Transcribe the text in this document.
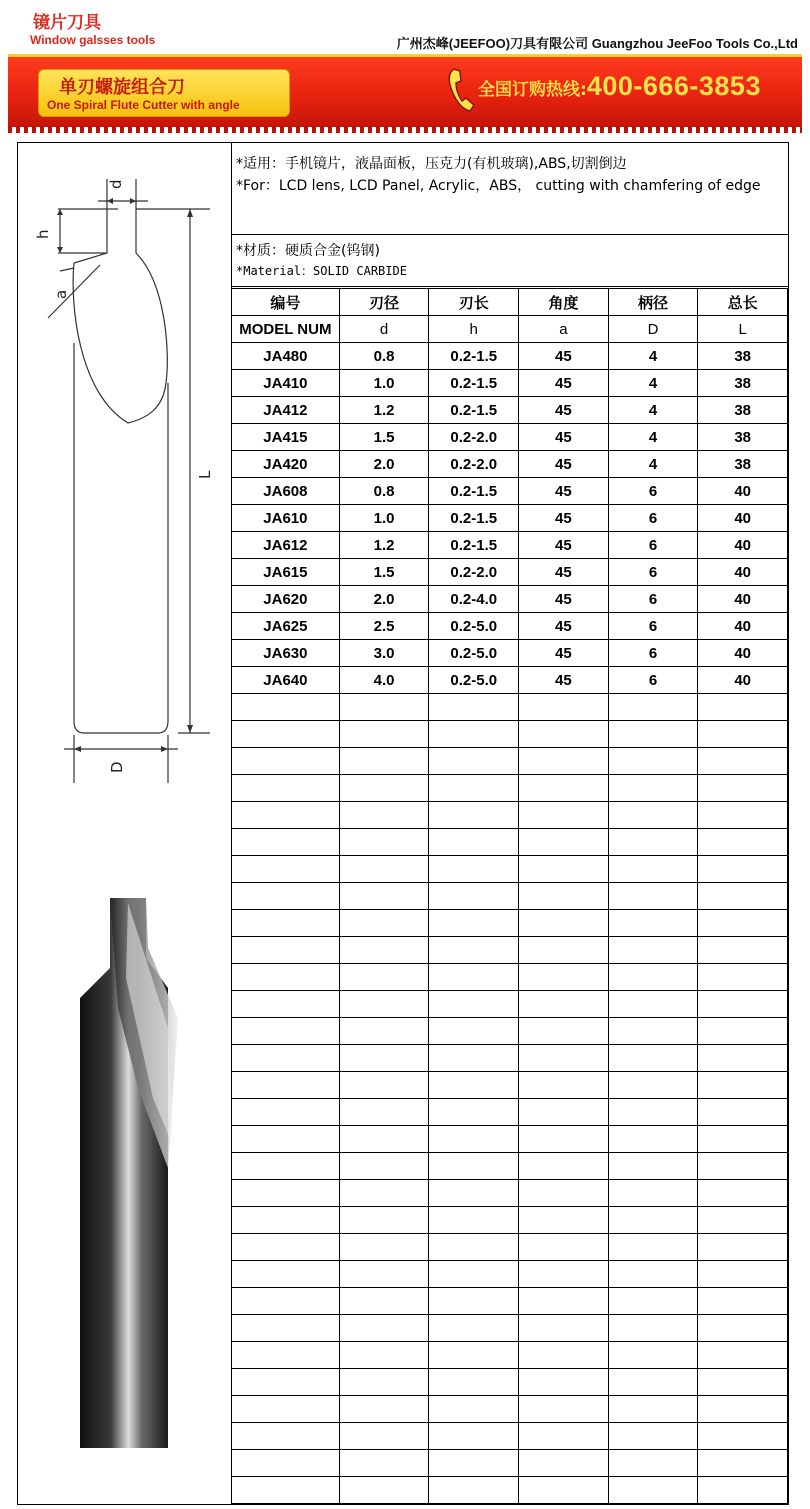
镜片刀具
Window galsses tools	广州杰峰(JEEFOO)刀具有限公司 Guangzhou JeeFoo Tools Co.,Ltd
单刃螺旋组合刀
One Spiral Flute Cutter with angle
全国订购热线:400-666-3853
d
h
a
L
D
*适用：手机镜片，液晶面板，压克力(有机玻璃),ABS,切割倒边
*For：LCD lens, LCD Panel, Acrylic，ABS， cutting with chamfering of edge
*材质：硬质合金(钨钢)
*Material：SOLID CARBIDE
编号	刃径	刃长	角度	柄径	总长
MODEL NUM	d	h	a	D	L
JA480	0.8	0.2-1.5	45	4	38
JA410	1.0	0.2-1.5	45	4	38
JA412	1.2	0.2-1.5	45	4	38
JA415	1.5	0.2-2.0	45	4	38
JA420	2.0	0.2-2.0	45	4	38
JA608	0.8	0.2-1.5	45	6	40
JA610	1.0	0.2-1.5	45	6	40
JA612	1.2	0.2-1.5	45	6	40
JA615	1.5	0.2-2.0	45	6	40
JA620	2.0	0.2-4.0	45	6	40
JA625	2.5	0.2-5.0	45	6	40
JA630	3.0	0.2-5.0	45	6	40
JA640	4.0	0.2-5.0	45	6	40
